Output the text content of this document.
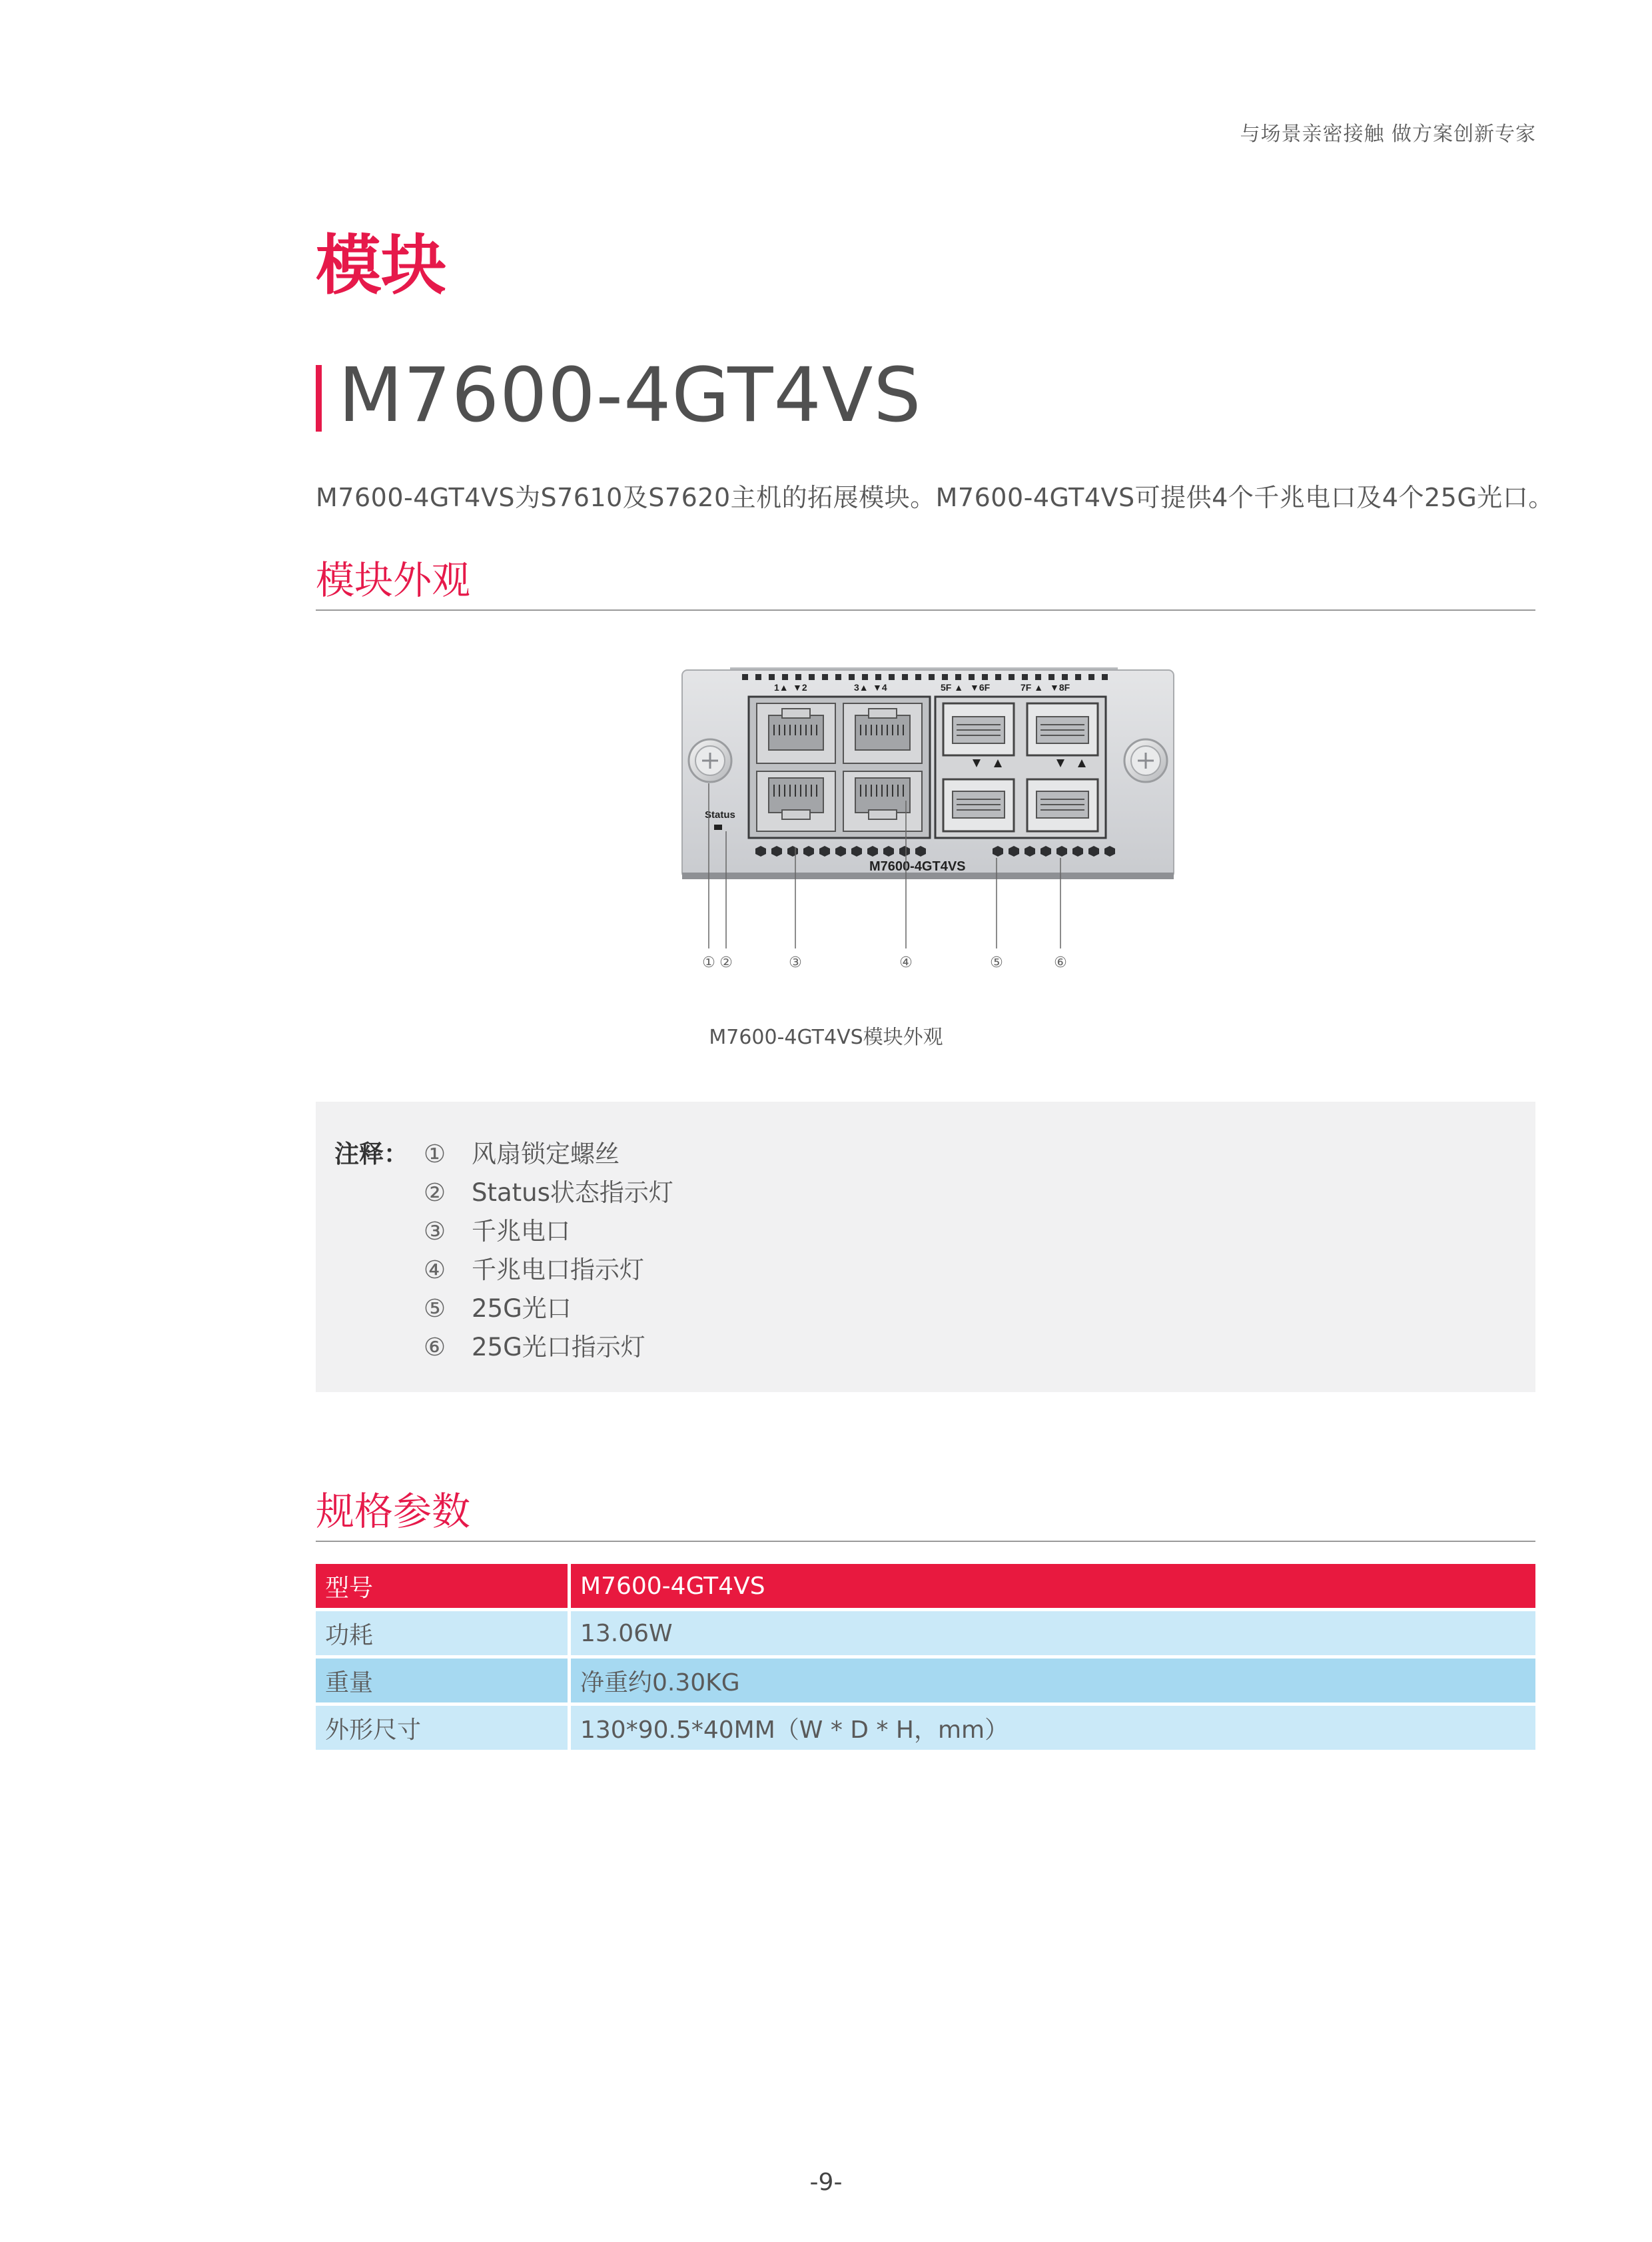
与场景亲密接触 做方案创新专家
模块
M7600-4GT4VS
M7600-4GT4VS为S7610及S7620主机的拓展模块。M7600-4GT4VS可提供4个千兆电口及4个25G光口。
模块外观
1▲ ▼2	3▲ ▼4	5F ▲ ▼6F	7F ▲ ▼8F
Status
M7600-4GT4VS
① ②	③	④	⑤	⑥
M7600-4GT4VS模块外观
注释： ① 风扇锁定螺丝
② Status状态指示灯
③ 千兆电口
④ 千兆电口指示灯
⑤ 25G光口
⑥ 25G光口指示灯
规格参数
型号	M7600-4GT4VS
功耗	13.06W
重量	净重约0.30KG
外形尺寸	130*90.5*40MM（W * D * H，mm）
-9-
